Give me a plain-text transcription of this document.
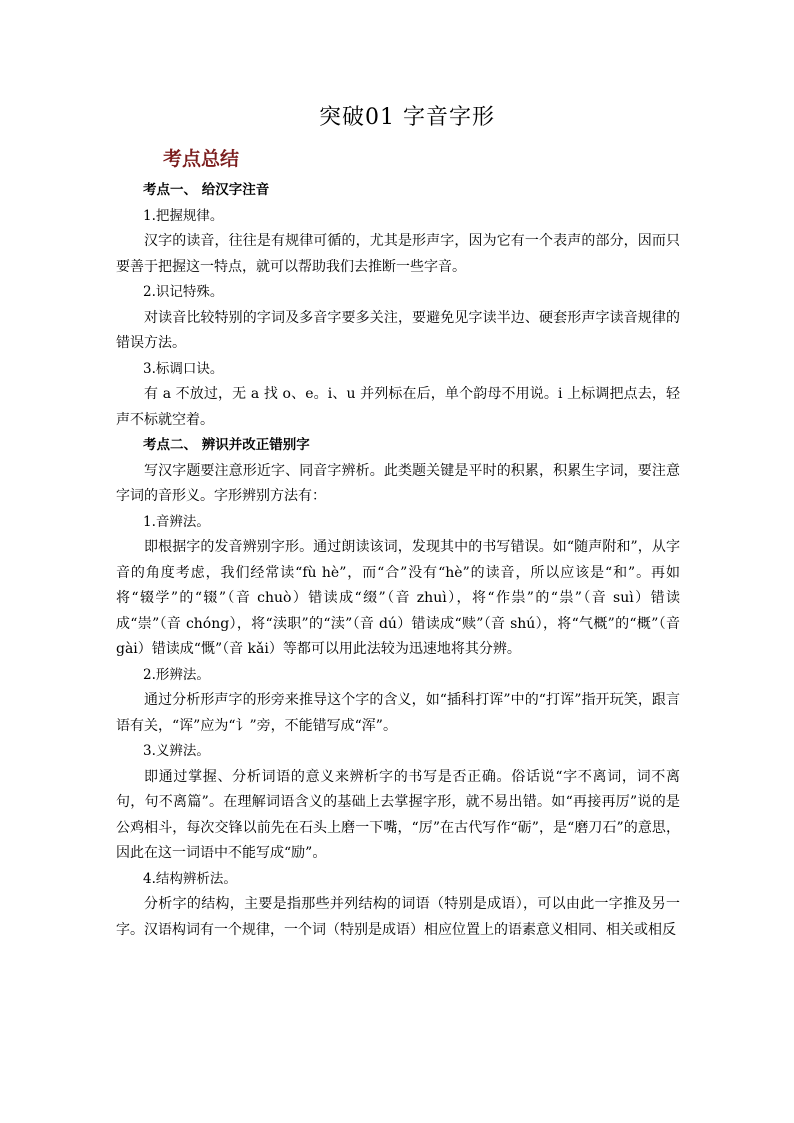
突破01 字音字形
考点总结

考点一、 给汉字注音

1.把握规律。

汉字的读音，往往是有规律可循的，尤其是形声字，因为它有一个表声的部分，因而只要善于把握这一特点，就可以帮助我们去推断一些字音。

2.识记特殊。

对读音比较特别的字词及多音字要多关注，要避免见字读半边、硬套形声字读音规律的错误方法。

3.标调口诀。

有 a 不放过，无 a 找 o、e。i、u 并列标在后，单个韵母不用说。i 上标调把点去，轻声不标就空着。

考点二、 辨识并改正错别字

写汉字题要注意形近字、同音字辨析。此类题关键是平时的积累，积累生字词，要注意字词的音形义。字形辨别方法有：

1.音辨法。

即根据字的发音辨别字形。通过朗读该词，发现其中的书写错误。如“随声附和”，从字音的角度考虑，我们经常读“fù hè”，而“合”没有“hè”的读音，所以应该是“和”。再如将“辍学”的“辍”（音 chuò）错读成“缀”（音 zhuì），将“作祟”的“祟”（音 suì）错读成“崇”（音 chóng），将“渎职”的“渎”（音 dú）错读成“赎”（音 shú），将“气概”的“概”（音 gài）错读成“慨”（音 kǎi）等都可以用此法较为迅速地将其分辨。

2.形辨法。

通过分析形声字的形旁来推导这个字的含义，如“插科打诨”中的“打诨”指开玩笑，跟言语有关，“诨”应为“讠”旁，不能错写成“浑”。

3.义辨法。

即通过掌握、分析词语的意义来辨析字的书写是否正确。俗话说“字不离词，词不离句，句不离篇”。在理解词语含义的基础上去掌握字形，就不易出错。如“再接再厉”说的是公鸡相斗，每次交锋以前先在石头上磨一下嘴，“厉”在古代写作“砺”，是“磨刀石”的意思，因此在这一词语中不能写成“励”。

4.结构辨析法。

分析字的结构，主要是指那些并列结构的词语（特别是成语），可以由此一字推及另一字。汉语构词有一个规律，一个词（特别是成语）相应位置上的语素意义相同、相关或相反
